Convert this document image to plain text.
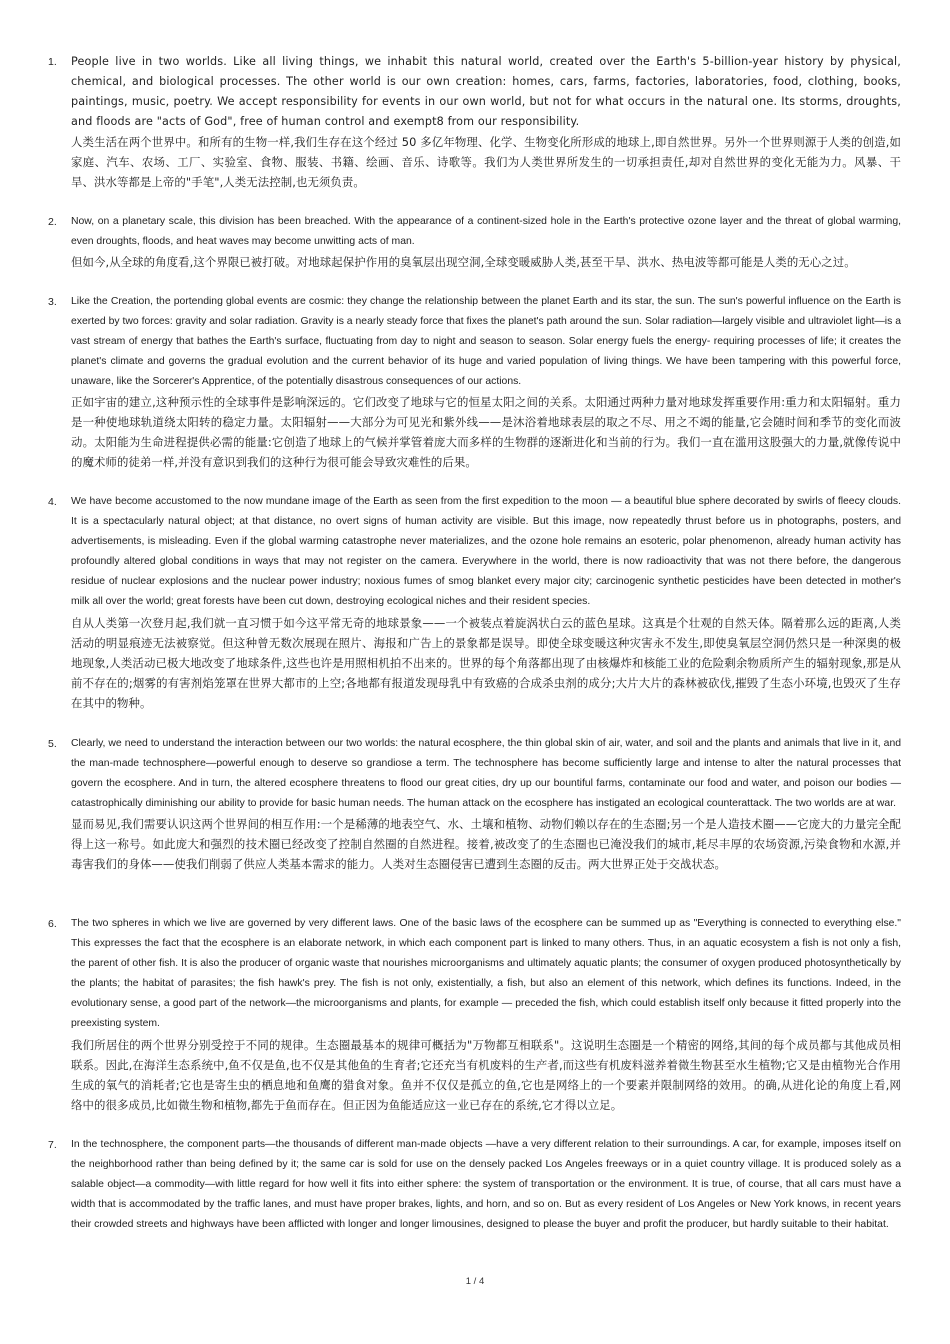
1. People live in two worlds. Like all living things, we inhabit this natural world, created over the Earth's 5-billion-year history by physical, chemical, and biological processes. The other world is our own creation: homes, cars, farms, factories, laboratories, food, clothing, books, paintings, music, poetry. We accept responsibility for events in our own world, but not for what occurs in the natural one. Its storms, droughts, and floods are "acts of God", free of human control and exempt8 from our responsibility.
人类生活在两个世界中。和所有的生物一样,我们生存在这个经过 50 多亿年物理、化学、生物变化所形成的地球上,即自然世界。另外一个世界则源于人类的创造,如家庭、汽车、农场、工厂、实验室、食物、服装、书籍、绘画、音乐、诗歌等。我们为人类世界所发生的一切承担责任,却对自然世界的变化无能为力。风暴、干旱、洪水等都是上帝的"手笔",人类无法控制,也无须负责。
2. Now, on a planetary scale, this division has been breached. With the appearance of a continent-sized hole in the Earth's protective ozone layer and the threat of global warming, even droughts, floods, and heat waves may become unwitting acts of man.
但如今,从全球的角度看,这个界限已被打破。对地球起保护作用的臭氧层出现空洞,全球变暖威胁人类,甚至干旱、洪水、热电波等都可能是人类的无心之过。
3. Like the Creation, the portending global events are cosmic: they change the relationship between the planet Earth and its star, the sun. The sun's powerful influence on the Earth is exerted by two forces: gravity and solar radiation. Gravity is a nearly steady force that fixes the planet's path around the sun. Solar radiation—largely visible and ultraviolet light—is a vast stream of energy that bathes the Earth's surface, fluctuating from day to night and season to season. Solar energy fuels the energy- requiring processes of life; it creates the planet's climate and governs the gradual evolution and the current behavior of its huge and varied population of living things. We have been tampering with this powerful force, unaware, like the Sorcerer's Apprentice, of the potentially disastrous consequences of our actions.
正如宇宙的建立,这种预示性的全球事件是影响深远的。它们改变了地球与它的恒星太阳之间的关系。太阳通过两种力量对地球发挥重要作用:重力和太阳辐射。重力是一种使地球轨道绕太阳转的稳定力量。太阳辐射——大部分为可见光和紫外线——是沐浴着地球表层的取之不尽、用之不竭的能量,它会随时间和季节的变化而波动。太阳能为生命进程提供必需的能量:它创造了地球上的气候并掌管着庞大而多样的生物群的逐渐进化和当前的行为。我们一直在滥用这股强大的力量,就像传说中的魔术师的徒弟一样,并没有意识到我们的这种行为很可能会导致灾难性的后果。
4. We have become accustomed to the now mundane image of the Earth as seen from the first expedition to the moon — a beautiful blue sphere decorated by swirls of fleecy clouds. It is a spectacularly natural object; at that distance, no overt signs of human activity are visible. But this image, now repeatedly thrust before us in photographs, posters, and advertisements, is misleading. Even if the global warming catastrophe never materializes, and the ozone hole remains an esoteric, polar phenomenon, already human activity has profoundly altered global conditions in ways that may not register on the camera. Everywhere in the world, there is now radioactivity that was not there before, the dangerous residue of nuclear explosions and the nuclear power industry; noxious fumes of smog blanket every major city; carcinogenic synthetic pesticides have been detected in mother's milk all over the world; great forests have been cut down, destroying ecological niches and their resident species.
自从人类第一次登月起,我们就一直习惯于如今这平常无奇的地球景象——一个被装点着旋涡状白云的蓝色星球。这真是个壮观的自然天体。隔着那么远的距离,人类活动的明显痕迹无法被察觉。但这种曾无数次展现在照片、海报和广告上的景象都是误导。即使全球变暖这种灾害永不发生,即使臭氧层空洞仍然只是一种深奥的极地现象,人类活动已极大地改变了地球条件,这些也许是用照相机拍不出来的。世界的每个角落都出现了由核爆炸和核能工业的危险剩余物质所产生的辐射现象,那是从前不存在的;烟雾的有害剂焰笼罩在世界大都市的上空;各地都有报道发现母乳中有致癌的合成杀虫剂的成分;大片大片的森林被砍伐,摧毁了生态小环境,也毁灭了生存在其中的物种。
5. Clearly, we need to understand the interaction between our two worlds: the natural ecosphere, the thin global skin of air, water, and soil and the plants and animals that live in it, and the man-made technosphere—powerful enough to deserve so grandiose a term. The technosphere has become sufficiently large and intense to alter the natural processes that govern the ecosphere. And in turn, the altered ecosphere threatens to flood our great cities, dry up our bountiful farms, contaminate our food and water, and poison our bodies —catastrophically diminishing our ability to provide for basic human needs. The human attack on the ecosphere has instigated an ecological counterattack. The two worlds are at war.
显而易见,我们需要认识这两个世界间的相互作用:一个是稀薄的地表空气、水、土壤和植物、动物们赖以存在的生态圈;另一个是人造技术圈——它庞大的力量完全配得上这一称号。如此庞大和强烈的技术圈已经改变了控制自然圈的自然进程。接着,被改变了的生态圈也已淹没我们的城市,耗尽丰厚的农场资源,污染食物和水源,并毒害我们的身体——使我们削弱了供应人类基本需求的能力。人类对生态圈侵害已遭到生态圈的反击。两大世界正处于交战状态。
6. The two spheres in which we live are governed by very different laws. One of the basic laws of the ecosphere can be summed up as "Everything is connected to everything else." This expresses the fact that the ecosphere is an elaborate network, in which each component part is linked to many others. Thus, in an aquatic ecosystem a fish is not only a fish, the parent of other fish. It is also the producer of organic waste that nourishes microorganisms and ultimately aquatic plants; the consumer of oxygen produced photosynthetically by the plants; the habitat of parasites; the fish hawk's prey. The fish is not only, existentially, a fish, but also an element of this network, which defines its functions. Indeed, in the evolutionary sense, a good part of the network—the microorganisms and plants, for example — preceded the fish, which could establish itself only because it fitted properly into the preexisting system.
我们所居住的两个世界分别受控于不同的规律。生态圈最基本的规律可概括为"万物都互相联系"。这说明生态圈是一个精密的网络,其间的每个成员都与其他成员相联系。因此,在海洋生态系统中,鱼不仅是鱼,也不仅是其他鱼的生育者;它还充当有机废料的生产者,而这些有机废料滋养着微生物甚至水生植物;它又是由植物光合作用生成的氧气的消耗者;它也是寄生虫的栖息地和鱼鹰的猎食对象。鱼并不仅仅是孤立的鱼,它也是网络上的一个要素并限制网络的效用。的确,从进化论的角度上看,网络中的很多成员,比如微生物和植物,都先于鱼而存在。但正因为鱼能适应这一业已存在的系统,它才得以立足。
7. In the technosphere, the component parts—the thousands of different man-made objects —have a very different relation to their surroundings. A car, for example, imposes itself on the neighborhood rather than being defined by it; the same car is sold for use on the densely packed Los Angeles freeways or in a quiet country village. It is produced solely as a salable object—a commodity—with little regard for how well it fits into either sphere: the system of transportation or the environment. It is true, of course, that all cars must have a width that is accommodated by the traffic lanes, and must have proper brakes, lights, and horn, and so on. But as every resident of Los Angeles or New York knows, in recent years their crowded streets and highways have been afflicted with longer and longer limousines, designed to please the buyer and profit the producer, but hardly suitable to their habitat.
1 / 4
